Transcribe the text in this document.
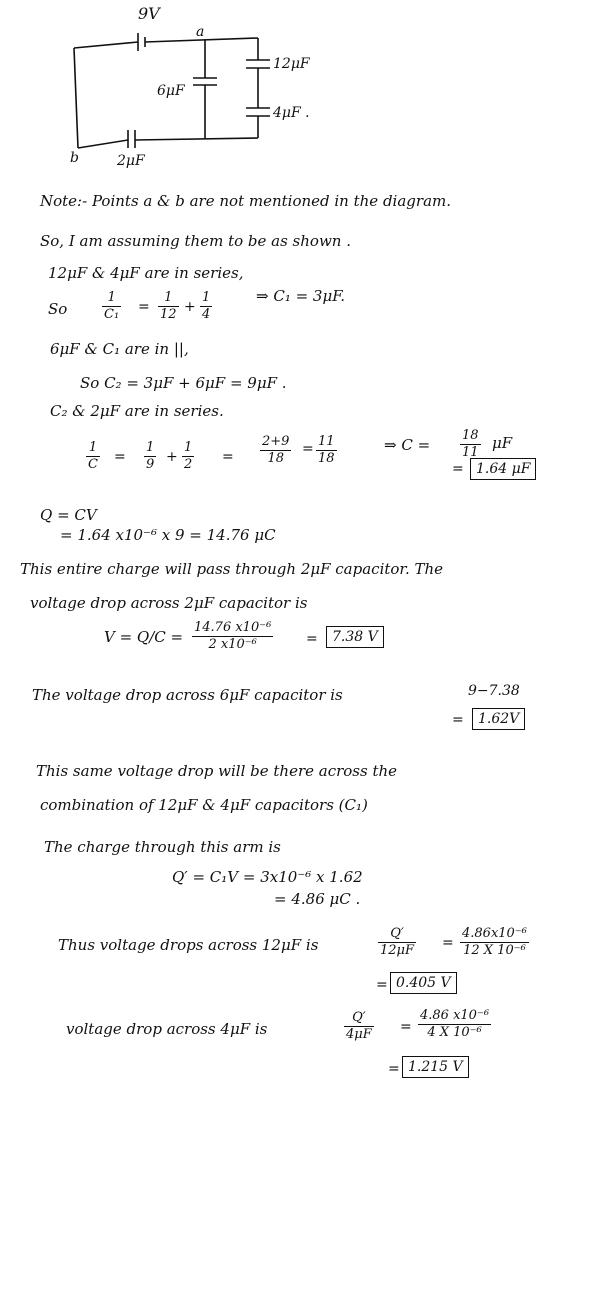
9V
a
b
6μF
12μF
4μF .
2μF
Note:- Points a & b are not mentioned in the diagram.
So, I am assuming them to be as shown .
12μF & 4μF are in series,
So	$\frac{1}{\text{C₁}} = \frac{1}{12} + \frac{1}{4}$	⇒ C₁ = 3μF.
6μF & C₁ are in ||,
So C₂ = 3μF + 6μF = 9μF .
C₂ & 2μF are in series.
$\frac{1}{C} = \frac{1}{9} + \frac{1}{2} = \frac{2+9}{18} = \frac{11}{18}$	⇒ $C = \frac{18}{11}$ μF
= 1.64 μF
Q = CV
= 1.64 x10⁻⁶ x 9 = 14.76 μC
This entire charge will pass through 2μF capacitor. The
voltage drop across 2μF capacitor is
$V = Q/C = \frac{\text{14.76 x10⁻⁶}}{\text{2 x10⁻⁶}}$ =	7.38 V
The voltage drop across 6μF capacitor is	9−7.38
=	1.62V
This same voltage drop will be there across the
combination of 12μF & 4μF capacitors (C₁)
The charge through this arm is
Q′ = C₁V = 3x10⁻⁶ x 1.62
= 4.86 μC .
Thus voltage drops across 12μF is	$\frac{Q'}{12\mu F} = \frac{\text{4.86x10⁻⁶}}{\text{12 X 10⁻⁶}}$
= 0.405 V
voltage drop across 4μF is	$\frac{Q'}{4\mu F} = \frac{\text{4.86 x10⁻⁶}}{\text{4 X 10⁻⁶}}$
= 1.215 V
